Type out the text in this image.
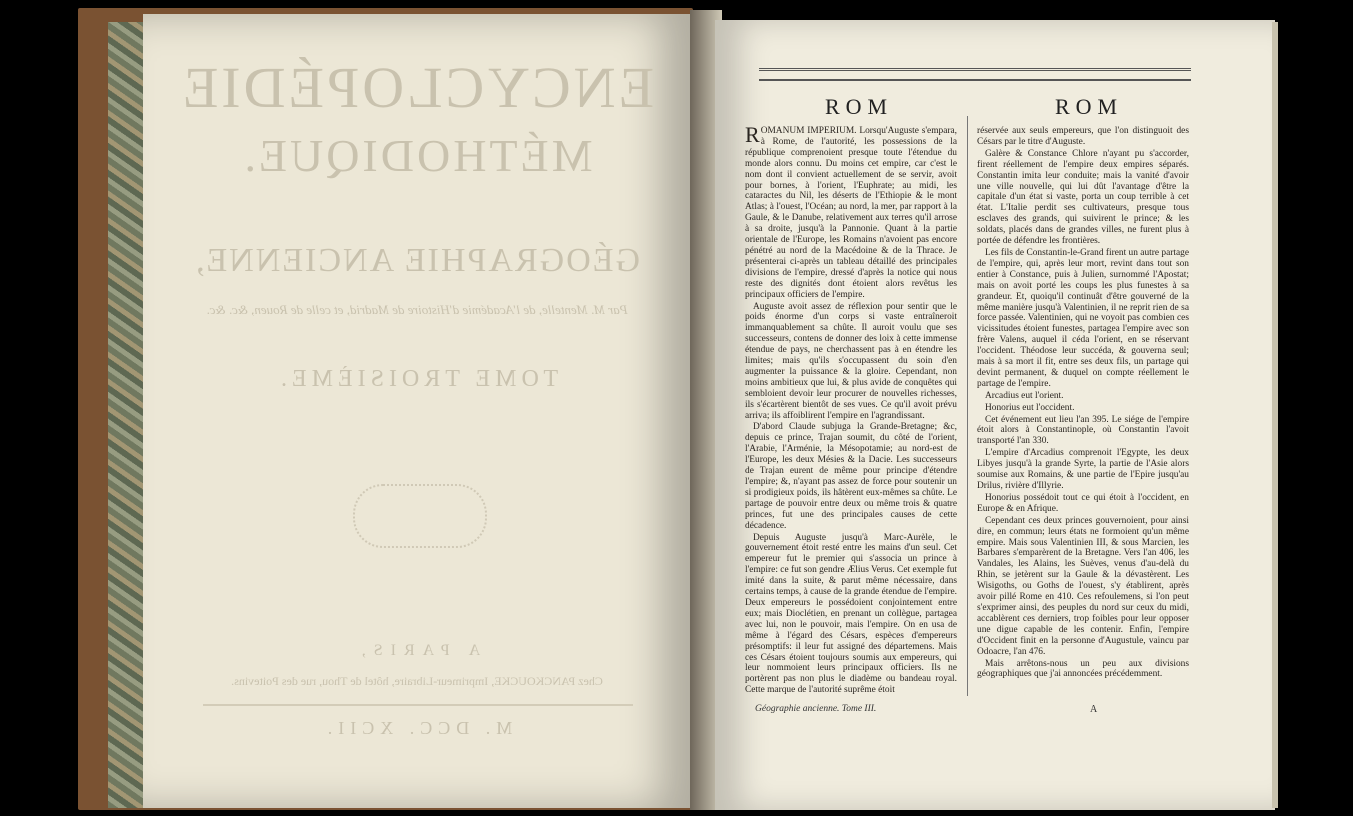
ENCYCLOPÉDIE
MÉTHODIQUE.
GÉOGRAPHIE ANCIENNE,
Par M. Mentelle, de l'Académie d'Histoire de Madrid, et celle de Rouen, &c. &c.
TOME TROISIÈME.
A PARIS,
Chez PANCKOUCKE, Imprimeur-Libraire, hôtel de Thou, rue des Poitevins.
M. DCC. XCII.
ROM	ROM

ROMANUM IMPERIUM. Lorsqu'Auguste s'empara, à Rome, de l'autorité, les possessions de la république comprenoient presque toute l'étendue du monde alors connu. Du moins cet empire, car c'est le nom dont il convient actuellement de se servir, avoit pour bornes, à l'orient, l'Euphrate; au midi, les cataractes du Nil, les déserts de l'Ethiopie & le mont Atlas; à l'ouest, l'Océan; au nord, la mer, par rapport à la Gaule, & le Danube, relativement aux terres qu'il arrose à sa droite, jusqu'à la Pannonie. Quant à la partie orientale de l'Europe, les Romains n'avoient pas encore pénétré au nord de la Macédoine & de la Thrace. Je présenterai ci-après un tableau détaillé des principales divisions de l'empire, dressé d'après la notice qui nous reste des dignités dont étoient alors revêtus les principaux officiers de l'empire.

Auguste avoit assez de réflexion pour sentir que le poids énorme d'un corps si vaste entraîneroit immanquablement sa chûte. Il auroit voulu que ses successeurs, contens de donner des loix à cette immense étendue de pays, ne cherchassent pas à en étendre les limites; mais qu'ils s'occupassent du soin d'en augmenter la puissance & la gloire. Cependant, non moins ambitieux que lui, & plus avide de conquêtes qui sembloient devoir leur procurer de nouvelles richesses, ils s'écartèrent bientôt de ses vues. Ce qu'il avoit prévu arriva; ils affoiblirent l'empire en l'agrandissant.

D'abord Claude subjuga la Grande-Bretagne; &c, depuis ce prince, Trajan soumit, du côté de l'orient, l'Arabie, l'Arménie, la Mésopotamie; au nord-est de l'Europe, les deux Mésies & la Dacie. Les successeurs de Trajan eurent de même pour principe d'étendre l'empire; &, n'ayant pas assez de force pour soutenir un si prodigieux poids, ils hâtèrent eux-mêmes sa chûte. Le partage de pouvoir entre deux ou même trois & quatre princes, fut une des principales causes de cette décadence.

Depuis Auguste jusqu'à Marc-Aurèle, le gouvernement étoit resté entre les mains d'un seul. Cet empereur fut le premier qui s'associa un prince à l'empire: ce fut son gendre Ælius Verus. Cet exemple fut imité dans la suite, & parut même nécessaire, dans certains temps, à cause de la grande étendue de l'empire. Deux empereurs le possédoient conjointement entre eux; mais Dioclétien, en prenant un collègue, partagea avec lui, non le pouvoir, mais l'empire. On en usa de même à l'égard des Césars, espèces d'empereurs présomptifs: il leur fut assigné des départemens. Mais ces Césars étoient toujours soumis aux empereurs, qui leur nommoient leurs principaux officiers. Ils ne portèrent pas non plus le diadème ou bandeau royal. Cette marque de l'autorité suprême étoit

réservée aux seuls empereurs, que l'on distinguoit des Césars par le titre d'Auguste.

Galère & Constance Chlore n'ayant pu s'accorder, firent réellement de l'empire deux empires séparés. Constantin imita leur conduite; mais la vanité d'avoir une ville nouvelle, qui lui dût l'avantage d'être la capitale d'un état si vaste, porta un coup terrible à cet état. L'Italie perdit ses cultivateurs, presque tous esclaves des grands, qui suivirent le prince; & les soldats, placés dans de grandes villes, ne furent plus à portée de défendre les frontières.

Les fils de Constantin-le-Grand firent un autre partage de l'empire, qui, après leur mort, revint dans tout son entier à Constance, puis à Julien, surnommé l'Apostat; mais on avoit porté les coups les plus funestes à sa grandeur. Et, quoiqu'il continuât d'être gouverné de la même manière jusqu'à Valentinien, il ne reprit rien de sa force passée. Valentinien, qui ne voyoit pas combien ces vicissitudes étoient funestes, partagea l'empire avec son frère Valens, auquel il céda l'orient, en se réservant l'occident. Théodose leur succéda, & gouverna seul; mais à sa mort il fit, entre ses deux fils, un partage qui devint permanent, & duquel on compte réellement le partage de l'empire.

Arcadius eut l'orient.

Honorius eut l'occident.

Cet événement eut lieu l'an 395. Le siége de l'empire étoit alors à Constantinople, où Constantin l'avoit transporté l'an 330.

L'empire d'Arcadius comprenoit l'Egypte, les deux Libyes jusqu'à la grande Syrte, la partie de l'Asie alors soumise aux Romains, & une partie de l'Epire jusqu'au Drilus, rivière d'Illyrie.

Honorius possédoit tout ce qui étoit à l'occident, en Europe & en Afrique.

Cependant ces deux princes gouvernoient, pour ainsi dire, en commun; leurs états ne formoient qu'un même empire. Mais sous Valentinien III, & sous Marcien, les Barbares s'emparèrent de la Bretagne. Vers l'an 406, les Vandales, les Alains, les Suèves, venus d'au-delà du Rhin, se jetèrent sur la Gaule & la dévastèrent. Les Wisigoths, ou Goths de l'ouest, s'y établirent, après avoir pillé Rome en 410. Ces refoulemens, si l'on peut s'exprimer ainsi, des peuples du nord sur ceux du midi, accablèrent ces derniers, trop foibles pour leur opposer une digue capable de les contenir. Enfin, l'empire d'Occident finit en la personne d'Augustule, vaincu par Odoacre, l'an 476.

Mais arrêtons-nous un peu aux divisions géographiques que j'ai annoncées précédemment.

Géographie ancienne. Tome III.	A
